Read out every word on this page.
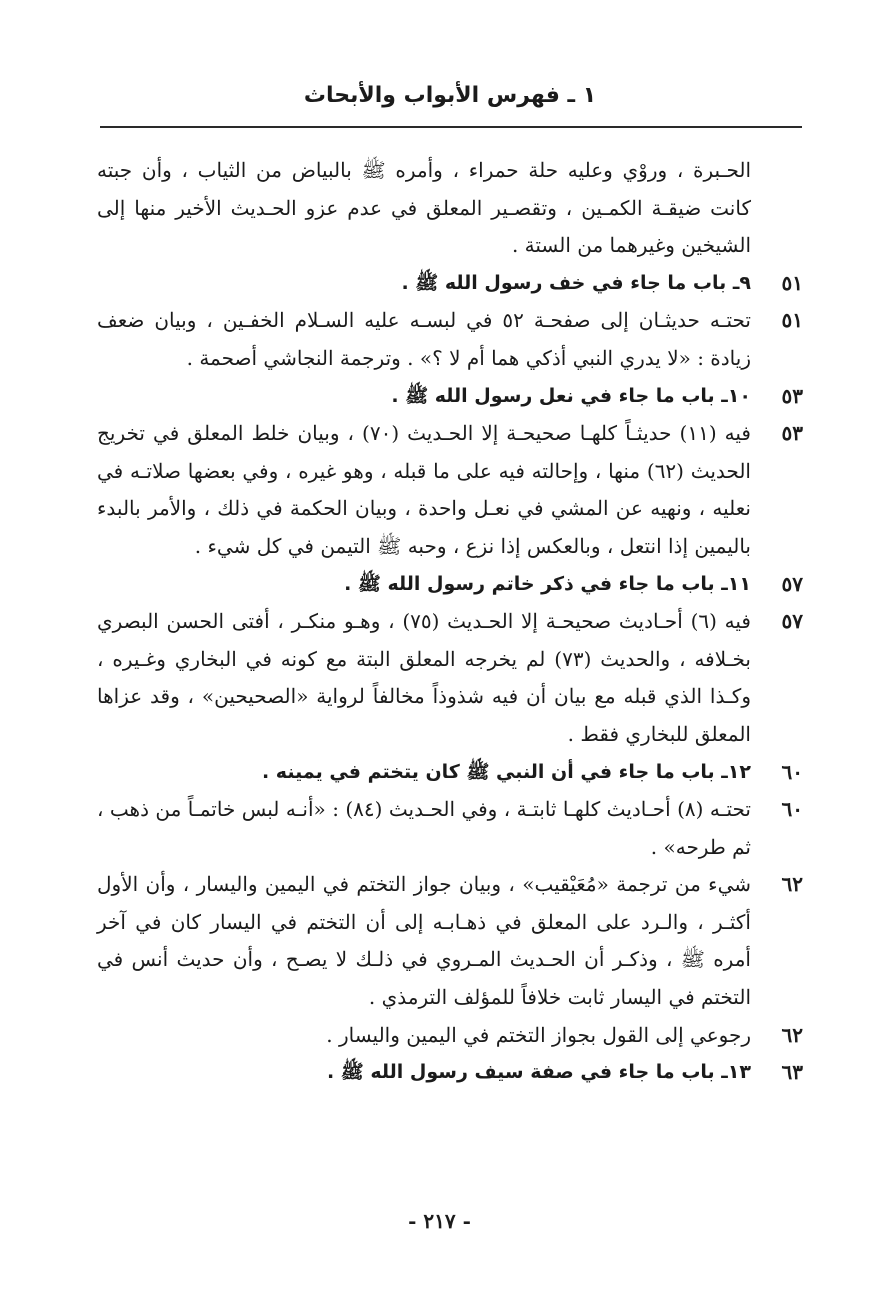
١ ـ فهرس الأبواب والأبحاث
الحـبرة ، وروْي وعليه حلة حمراء ، وأمره ﷺ بالبياض من الثياب ، وأن جبته كانت ضيقـة الكمـين ، وتقصـير المعلق في عدم عزو الحـديث الأخير منها إلى الشيخين وغيرهما من الستة .
٥١
٩ـ باب ما جاء في خف رسول الله ﷺ .
٥١
تحتـه حديثـان إلى صفحـة ٥٢ في لبسـه عليه السـلام الخفـين ، وبيان ضعف زيادة : «لا يدري النبي أذكي هما أم لا ؟» . وترجمة النجاشي أصحمة .
٥٣
١٠ـ باب ما جاء في نعل رسول الله ﷺ .
٥٣
فيه (١١) حديثـاً كلهـا صحيحـة إلا الحـديث (٧٠) ، وبيان خلط المعلق في تخريج الحديث (٦٢) منها ، وإحالته فيه على ما قبله ، وهو غيره ، وفي بعضها صلاتـه في نعليه ، ونهيه عن المشي في نعـل واحدة ، وبيان الحكمة في ذلك ، والأمر بالبدء باليمين إذا انتعل ، وبالعكس إذا نزع ، وحبه ﷺ التيمن في كل شيء .
٥٧
١١ـ باب ما جاء في ذكر خاتم رسول الله ﷺ .
٥٧
فيه (٦) أحـاديث صحيحـة إلا الحـديث (٧٥) ، وهـو منكـر ، أفتى الحسن البصري بخـلافه ، والحديث (٧٣) لم يخرجه المعلق البتة مع كونه في البخاري وغـيره ، وكـذا الذي قبله مع بيان أن فيه شذوذاً مخالفاً لرواية «الصحيحين» ، وقد عزاها المعلق للبخاري فقط .
٦٠
١٢ـ باب ما جاء في أن النبي ﷺ كان يتختم في يمينه .
٦٠
تحتـه (٨) أحـاديث كلهـا ثابتـة ، وفي الحـديث (٨٤) : «أنـه لبس خاتمـاً من ذهب ، ثم طرحه» .
٦٢
شيء من ترجمة «مُعَيْقيب» ، وبيان جواز التختم في اليمين واليسار ، وأن الأول أكثـر ، والـرد على المعلق في ذهـابـه إلى أن التختم في اليسار كان في آخر أمره ﷺ ، وذكـر أن الحـديث المـروي في ذلـك لا يصـح ، وأن حديث أنس في التختم في اليسار ثابت خلافاً للمؤلف الترمذي .
٦٢
رجوعي إلى القول بجواز التختم في اليمين واليسار .
٦٣
١٣ـ باب ما جاء في صفة سيف رسول الله ﷺ .
- ٢١٧ -
